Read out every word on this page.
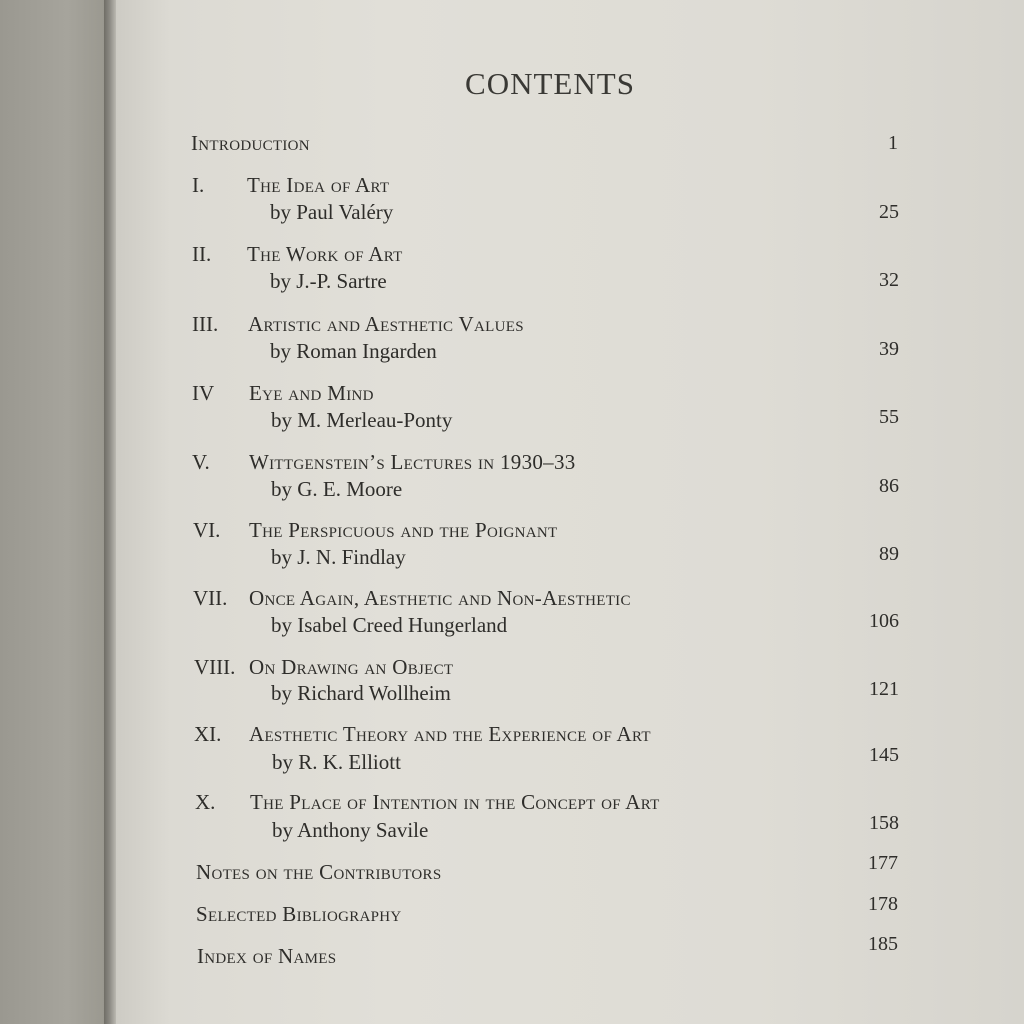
CONTENTS
Introduction	1
I. The Idea of Art
by Paul Valéry	25
II. The Work of Art
by J.-P. Sartre	32
III. Artistic and Aesthetic Values
by Roman Ingarden	39
IV Eye and Mind
by M. Merleau-Ponty	55
V. Wittgenstein’s Lectures in 1930–33
by G. E. Moore	86
VI. The Perspicuous and the Poignant
by J. N. Findlay	89
VII. Once Again, Aesthetic and Non-Aesthetic
by Isabel Creed Hungerland	106
VIII. On Drawing an Object
by Richard Wollheim	121
XI. Aesthetic Theory and the Experience of Art
by R. K. Elliott	145
X. The Place of Intention in the Concept of Art
by Anthony Savile	158
Notes on the Contributors	177
Selected Bibliography	178
Index of Names	185
